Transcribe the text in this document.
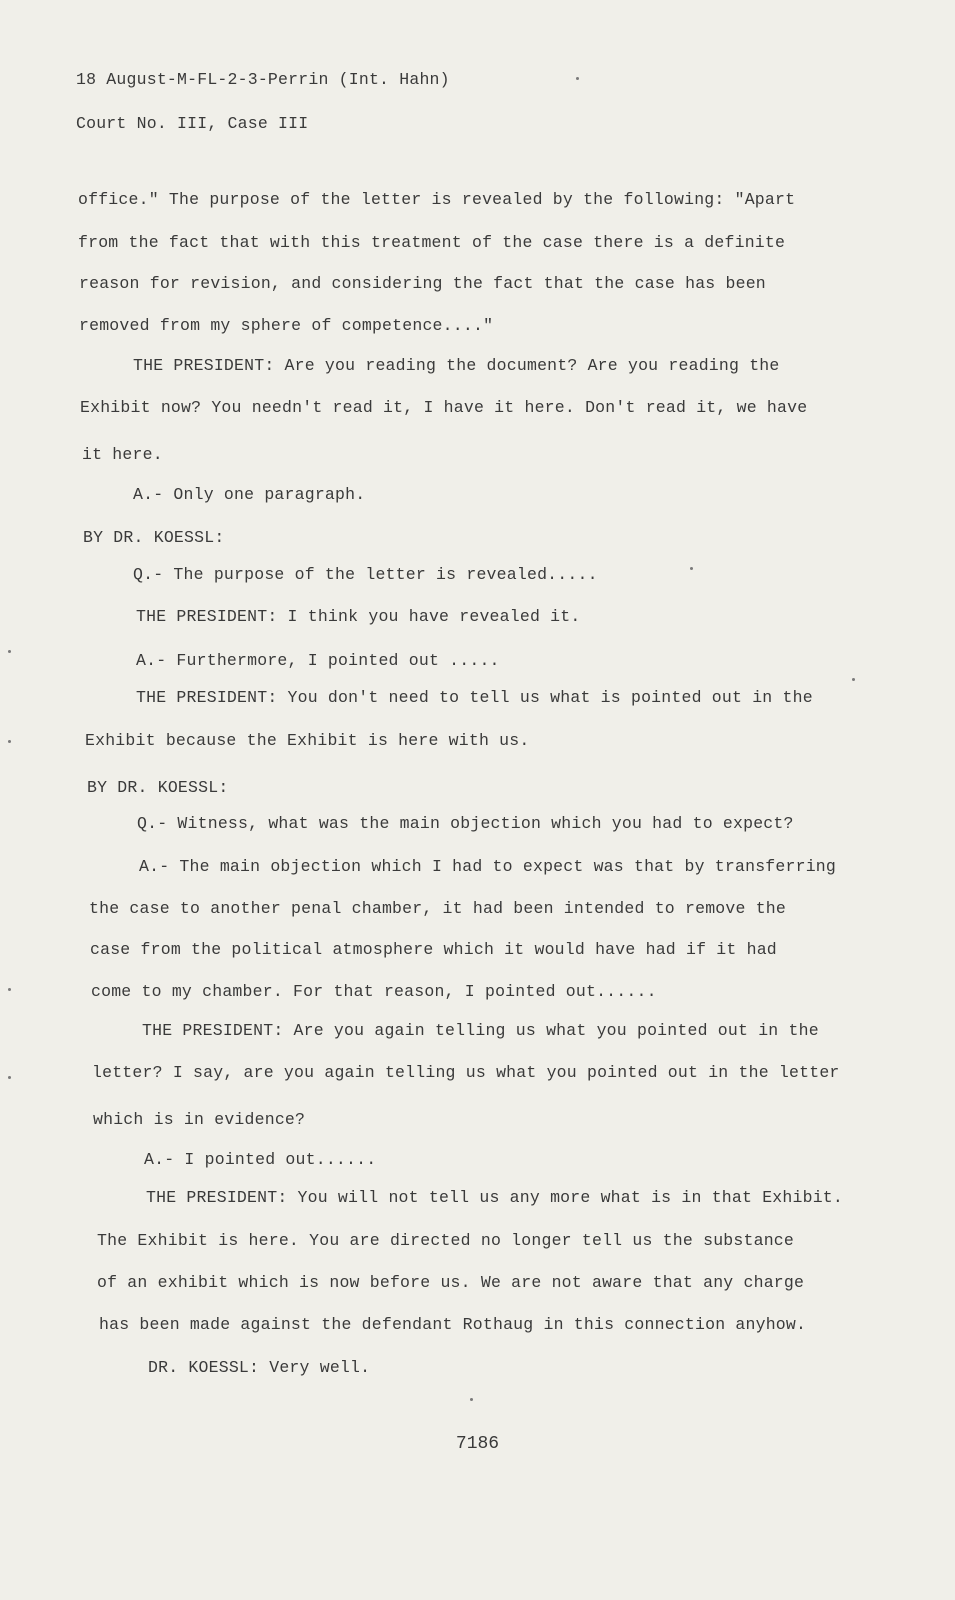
18 August-M-FL-2-3-Perrin (Int. Hahn)
Court No. III, Case III
office." The purpose of the letter is revealed by the following: "Apart
from the fact that with this treatment of the case there is a definite
reason for revision, and considering the fact that the case has been
removed from my sphere of competence...."
THE PRESIDENT: Are you reading the document? Are you reading the
Exhibit now? You needn't read it, I have it here. Don't read it, we have
it here.
A.- Only one paragraph.
BY DR. KOESSL:
Q.- The purpose of the letter is revealed.....
THE PRESIDENT: I think you have revealed it.
A.- Furthermore, I pointed out .....
THE PRESIDENT: You don't need to tell us what is pointed out in the
Exhibit because the Exhibit is here with us.
BY DR. KOESSL:
Q.- Witness, what was the main objection which you had to expect?
A.- The main objection which I had to expect was that by transferring
the case to another penal chamber, it had been intended to remove the
case from the political atmosphere which it would have had if it had
come to my chamber. For that reason, I pointed out......
THE PRESIDENT: Are you again telling us what you pointed out in the
letter? I say, are you again telling us what you pointed out in the letter
which is in evidence?
A.- I pointed out......
THE PRESIDENT: You will not tell us any more what is in that Exhibit.
The Exhibit is here. You are directed no longer tell us the substance
of an exhibit which is now before us. We are not aware that any charge
has been made against the defendant Rothaug in this connection anyhow.
DR. KOESSL: Very well.
7186
